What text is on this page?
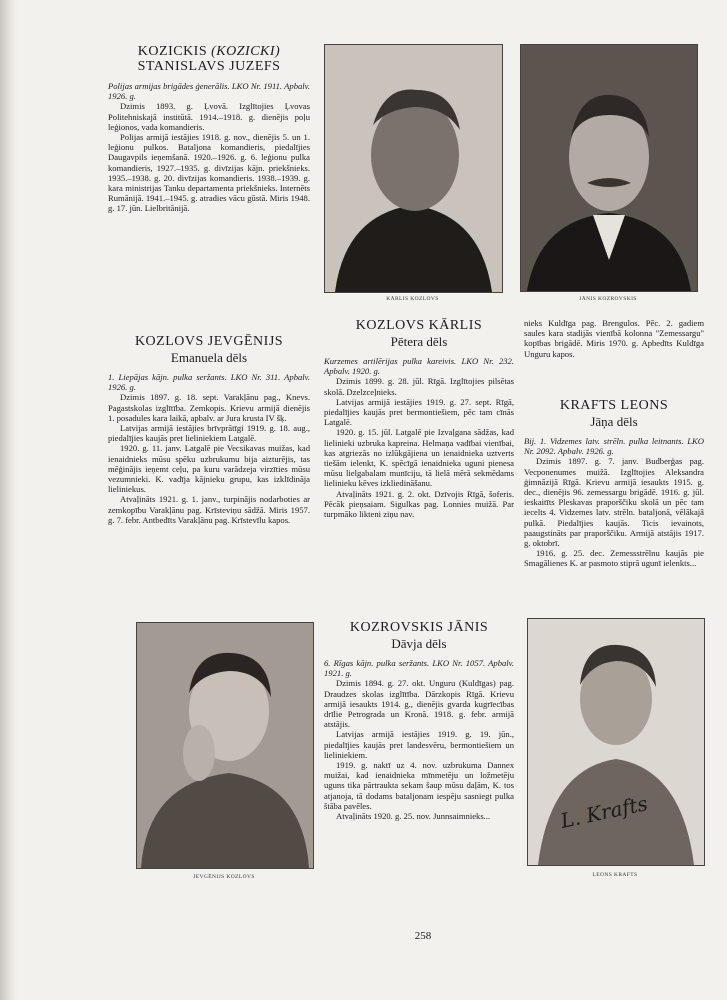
KOZICKIS (KOZICKI)
STANISLAVS JUZEFS
Polijas armijas brigādes ģenerālis. LKO Nr. 1911. Apbalv. 1926. g.

Dzimis 1893. g. Ļvovā. Izglītojies Ļvovas Politehniskajā institūtā. 1914.–1918. g. dienējis poļu leģionos, vada komandieris.

Polijas armijā iestājies 1918. g. nov., dienējis 5. un 1. leģionu pulkos. Bataljona komandieris, piedalījies Daugavpils ieņemšanā. 1920.–1926. g. 6. leģionu pulka komandieris, 1927.–1935. g. divīzijas kājn. priekšnieks. 1935.–1938. g. 20. divīzijas komandieris. 1938.–1939. g. kara ministrijas Tanku departamenta priekšnieks. Internēts Rumānijā. 1941.–1945. g. atradies vācu gūstā. Miris 1948. g. 17. jūn. Lielbritānijā.

KĀRLIS KOZLOVS	JĀNIS KOZROVSKIS
KOZLOVS JEVGĒNIJS
Emanuela dēls
1. Liepājas kājn. pulka seržants. LKO Nr. 311. Apbalv. 1926. g.

Dzimis 1897. g. 18. sept. Varakļānu pag., Knevs. Pagastskolas izglītība. Zemkopis. Krievu armijā dienējis 1. posadules kara laikā, apbalv. ar Jura krusta IV šķ.

Latvijas armijā iestājies brīvprātīgi 1919. g. 18. aug., piedalījies kaujās pret lieliniekiem Latgalē.

1920. g. 11. janv. Latgalē pie Vecsikavas muižas, kad ienaidnieks mūsu spēku uzbrukumu bija aizturējis, tas mēģinājis ieņemt ceļu, pa kuru varādzeja virzīties mūsu vezumnieki. K. vadīja kājnieku grupu, kas izklīdināja lieliniekus.

Atvaļināts 1921. g. 1. janv., turpinājis nodarboties ar zemkopību Varakļānu pag. Krīsteviņu sādžā. Miris 1957. g. 7. febr. Antbedīts Varakļānu pag. Krīstevīlu kapos.

KOZLOVS KĀRLIS
Pētera dēls
Kurzemes artilērijas pulka kareivis. LKO Nr. 232. Apbalv. 1920. g.

Dzimis 1899. g. 28. jūl. Rīgā. Izglītojies pilsētas skolā. Dzelzceļnieks.

Latvijas armijā iestājies 1919. g. 27. sept. Rīgā, piedalījies kaujās pret bermontiešiem, pēc tam cīnās Latgalē.

1920. g. 15. jūl. Latgalē pie Izvaļgana sādžas, kad lielinieki uzbruka kapreina. Helmaņa vadībai vienībai, kas atgriezās no izlūkgājiena un ienaidnieka uztverts tiešām ielenkt, K. spēcīgā ienaidnieka uguni pienesa mūsu lielgabalam munīciju, tā lielā mērā sekmēdams lielinieku kēves izkliedināšanu.

Atvaļināts 1921. g. 2. okt. Dzīvojis Rīgā, šoferis. Pēcāk pieņsaiam. Sigulkas pag. Lonnies muižā. Par turpmāko likteni ziņu nav.

nieks Kuldīga pag. Brengulos. Pēc. 2. gadiem saules kara stadijās vienībā kolonna "Zemessargu" kopības brigādē. Miris 1970. g. Apbedīts Kuldīga Unguru kapos.

KRAFTS LEONS
Jāņa dēls
Bij. 1. Vidzemes latv. strēln. pulka leitnants. LKO Nr. 2092. Apbalv. 1926. g.

Dzimis 1897. g. 7. janv. Budberģas pag. Vecponenumes muižā. Izglītojies Aleksandra ģimnāzijā Rīgā. Krievu armijā iesaukts 1915. g. dec., dienējis 96. zemessargu brigādē. 1916. g. jūl. ieskaitīts Pleskavas praporščiku skolā un pēc tam iecelts 4. Vidzemes latv. strēln. bataljonā, vēlākajā pulkā. Piedalījies kaujās. Ticis ievainots, paaugstināts par praporščiku. Armijā atstājis 1917. g. oktobrī.

1916. g. 25. dec. Zemessstrēlnu kaujās pie Smagālienes K. ar pasmoto stiprā ugunī ielenkts...

JEVGĒNIJS KOZLOVS
KOZROVSKIS JĀNIS
Dāvja dēls
6. Rīgas kājn. pulka seržants. LKO Nr. 1057. Apbalv. 1921. g.

Dzimis 1894. g. 27. okt. Unguru (Kuldīgas) pag. Draudzes skolas izglītība. Dārzkopis Rīgā. Krievu armijā iesaukts 1914. g., dienējis gvarda kugrīecības drīlie Petrograda un Kronā. 1918. g. febr. armijā atstājis.

Latvijas armijā iestājies 1919. g. 19. jūn., piedalījies kaujās pret landesvēru, bermontiešiem un lieliniekiem.

1919. g. naktī uz 4. nov. uzbrukuma Dannex muižai, kad ienaidnieka mīnmetēju un ložmetēju uguns tika pārtraukta sekam šaup mūsu daļām, K. tos atjanoja, tā dodams bataljonam iespēju sasniegt pulka štāba pavēles.

Atvaļināts 1920. g. 25. nov. Junnsaimnieks...	L. Krafts
LEONS KRAFTS
258
